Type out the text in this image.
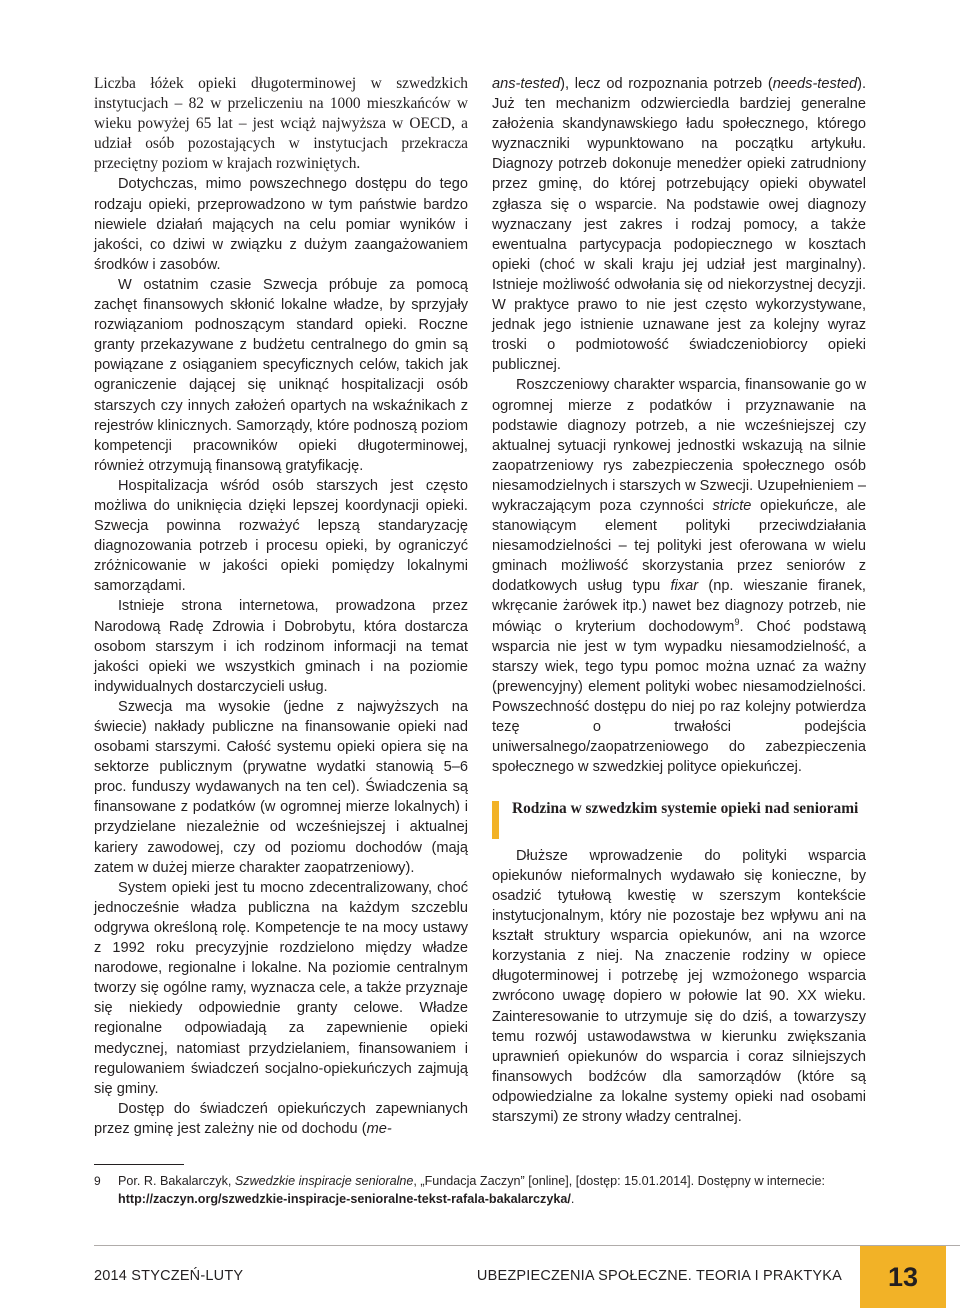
Liczba łóżek opieki długoterminowej w szwedzkich instytucjach – 82 w przeliczeniu na 1000 mieszkańców w wieku powyżej 65 lat – jest wciąż najwyższa w OECD, a udział osób pozostających w instytucjach przekracza przeciętny poziom w krajach rozwiniętych.

Dotychczas, mimo powszechnego dostępu do tego rodzaju opieki, przeprowadzono w tym państwie bardzo niewiele działań mających na celu pomiar wyników i jakości, co dziwi w związku z dużym zaangażowaniem środków i zasobów.

W ostatnim czasie Szwecja próbuje za pomocą zachęt finansowych skłonić lokalne władze, by sprzyjały rozwiązaniom podnoszącym standard opieki. Roczne granty przekazywane z budżetu centralnego do gmin są powiązane z osiąganiem specyficznych celów, takich jak ograniczenie dającej się uniknąć hospitalizacji osób starszych czy innych założeń opartych na wskaźnikach z rejestrów klinicznych. Samorządy, które podnoszą poziom kompetencji pracowników opieki długoterminowej, również otrzymują finansową gratyfikację.

Hospitalizacja wśród osób starszych jest często możliwa do uniknięcia dzięki lepszej koordynacji opieki. Szwecja powinna rozważyć lepszą standaryzację diagnozowania potrzeb i procesu opieki, by ograniczyć zróżnicowanie w jakości opieki pomiędzy lokalnymi samorządami.

Istnieje strona internetowa, prowadzona przez Narodową Radę Zdrowia i Dobrobytu, która dostarcza osobom starszym i ich rodzinom informacji na temat jakości opieki we wszystkich gminach i na poziomie indywidualnych dostarczycieli usług.

Szwecja ma wysokie (jedne z najwyższych na świecie) nakłady publiczne na finansowanie opieki nad osobami starszymi. Całość systemu opieki opiera się na sektorze publicznym (prywatne wydatki stanowią 5–6 proc. funduszy wydawanych na ten cel). Świadczenia są finansowane z podatków (w ogromnej mierze lokalnych) i przydzielane niezależnie od wcześniejszej i aktualnej kariery zawodowej, czy od poziomu dochodów (mają zatem w dużej mierze charakter zaopatrzeniowy).

System opieki jest tu mocno zdecentralizowany, choć jednocześnie władza publiczna na każdym szczeblu odgrywa określoną rolę. Kompetencje te na mocy ustawy z 1992 roku precyzyjnie rozdzielono między władze narodowe, regionalne i lokalne. Na poziomie centralnym tworzy się ogólne ramy, wyznacza cele, a także przyznaje się niekiedy odpowiednie granty celowe. Władze regionalne odpowiadają za zapewnienie opieki medycznej, natomiast przydzielaniem, finansowaniem i regulowaniem świadczeń socjalno-opiekuńczych zajmują się gminy.

Dostęp do świadczeń opiekuńczych zapewnianych przez gminę jest zależny nie od dochodu (me-

ans-tested), lecz od rozpoznania potrzeb (needs-tested). Już ten mechanizm odzwierciedla bardziej generalne założenia skandynawskiego ładu społecznego, którego wyznaczniki wypunktowano na początku artykułu. Diagnozy potrzeb dokonuje menedżer opieki zatrudniony przez gminę, do której potrzebujący opieki obywatel zgłasza się o wsparcie. Na podstawie owej diagnozy wyznaczany jest zakres i rodzaj pomocy, a także ewentualna partycypacja podopiecznego w kosztach opieki (choć w skali kraju jej udział jest marginalny). Istnieje możliwość odwołania się od niekorzystnej decyzji. W praktyce prawo to nie jest często wykorzystywane, jednak jego istnienie uznawane jest za kolejny wyraz troski o podmiotowość świadczeniobiorcy opieki publicznej.

Roszczeniowy charakter wsparcia, finansowanie go w ogromnej mierze z podatków i przyznawanie na podstawie diagnozy potrzeb, a nie wcześniejszej czy aktualnej sytuacji rynkowej jednostki wskazują na silnie zaopatrzeniowy rys zabezpieczenia społecznego osób niesamodzielnych i starszych w Szwecji. Uzupełnieniem – wykraczającym poza czynności stricte opiekuńcze, ale stanowiącym element polityki przeciwdziałania niesamodzielności – tej polityki jest oferowana w wielu gminach możliwość skorzystania przez seniorów z dodatkowych usług typu fixar (np. wieszanie firanek, wkręcanie żarówek itp.) nawet bez diagnozy potrzeb, nie mówiąc o kryterium dochodowym$^9$. Choć podstawą wsparcia nie jest w tym wypadku niesamodzielność, a starszy wiek, tego typu pomoc można uznać za ważny (prewencyjny) element polityki wobec niesamodzielności. Powszechność dostępu do niej po raz kolejny potwierdza tezę o trwałości podejścia uniwersalnego/zaopatrzeniowego do zabezpieczenia społecznego w szwedzkiej polityce opiekuńczej.

Rodzina w szwedzkim systemie opieki nad seniorami

Dłuższe wprowadzenie do polityki wsparcia opiekunów nieformalnych wydawało się konieczne, by osadzić tytułową kwestię w szerszym kontekście instytucjonalnym, który nie pozostaje bez wpływu ani na kształt struktury wsparcia opiekunów, ani na wzorce korzystania z niej. Na znaczenie rodziny w opiece długoterminowej i potrzebę jej wzmożonego wsparcia zwrócono uwagę dopiero w połowie lat 90. XX wieku. Zainteresowanie to utrzymuje się do dziś, a towarzyszy temu rozwój ustawodawstwa w kierunku zwiększania uprawnień opiekunów do wsparcia i coraz silniejszych finansowych bodźców dla samorządów (które są odpowiedzialne za lokalne systemy opieki nad osobami starszymi) ze strony władzy centralnej.

9 Por. R. Bakalarczyk, Szwedzkie inspiracje senioralne, „Fundacja Zaczyn” [online], [dostęp: 15.01.2014]. Dostępny w internecie:
http://zaczyn.org/szwedzkie-inspiracje-senioralne-tekst-rafala-bakalarczyka/.
2014 STYCZEŃ-LUTY	UBEZPIECZENIA SPOŁECZNE. TEORIA I PRAKTYKA 13
